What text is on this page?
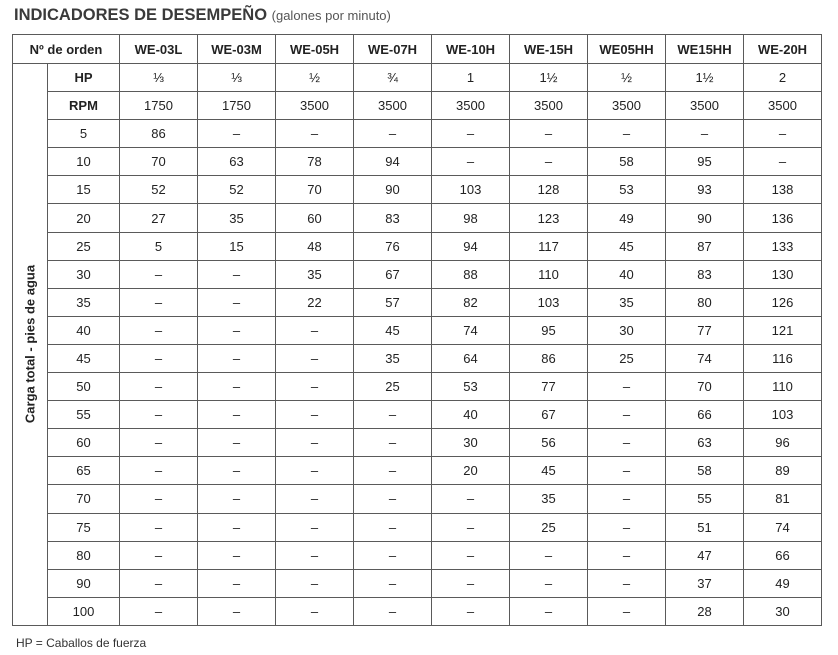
INDICADORES DE DESEMPEÑO (galones por minuto)
Nº de orden		WE-03L	WE-03M	WE-05H	WE-07H	WE-10H	WE-15H	WE05HH	WE15HH	WE-20H

Carga total - pies de agua	HP	⅓	⅓	½	¾	1	1½	½	1½	2
	RPM	1750	1750	3500	3500	3500	3500	3500	3500	3500
	5	86	–	–	–	–	–	–	–	–
	10	70	63	78	94	–	–	58	95	–
	15	52	52	70	90	103	128	53	93	138
	20	27	35	60	83	98	123	49	90	136
	25	5	15	48	76	94	117	45	87	133
	30	–	–	35	67	88	110	40	83	130
	35	–	–	22	57	82	103	35	80	126
	40	–	–	–	45	74	95	30	77	121
	45	–	–	–	35	64	86	25	74	116
	50	–	–	–	25	53	77	–	70	110
	55	–	–	–	–	40	67	–	66	103
	60	–	–	–	–	30	56	–	63	96
	65	–	–	–	–	20	45	–	58	89
	70	–	–	–	–	–	35	–	55	81
	75	–	–	–	–	–	25	–	51	74
	80	–	–	–	–	–	–	–	47	66
	90	–	–	–	–	–	–	–	37	49
	100	–	–	–	–	–	–	–	28	30
HP = Caballos de fuerza
